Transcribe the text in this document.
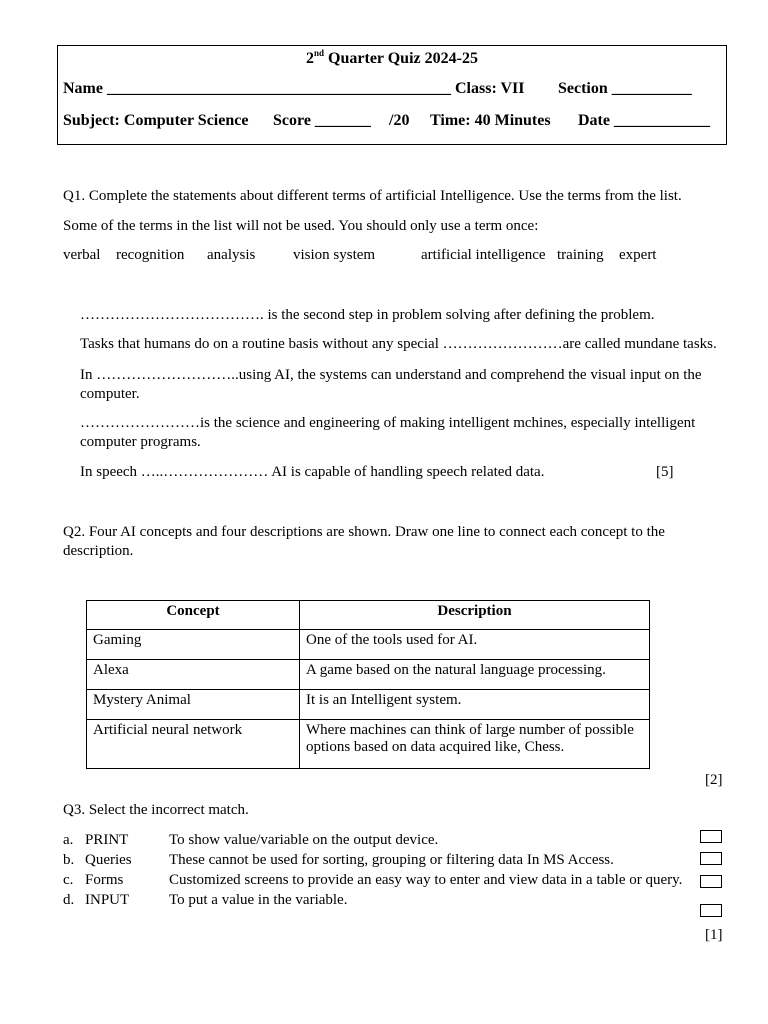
2nd Quarter Quiz 2024-25
Name ___________________________________________ Class: VII Section __________
Subject: Computer Science Score _______ /20 Time: 40 Minutes Date ____________
Q1. Complete the statements about different terms of artificial Intelligence. Use the terms from the list.
Some of the terms in the list will not be used. You should only use a term once:
verbal recognition analysis	vision system	artificial intelligence training expert
………………………………. is the second step in problem solving after defining the problem.
Tasks that humans do on a routine basis without any special ……………………are called mundane tasks.
In ………………………..using AI, the systems can understand and comprehend the visual input on the computer.
……………………is the science and engineering of making intelligent mchines, especially intelligent computer programs.
In speech …..………………… AI is capable of handling speech related data.	[5]
Q2. Four AI concepts and four descriptions are shown. Draw one line to connect each concept to the description.
Concept	Description
Gaming	One of the tools used for AI.
Alexa	A game based on the natural language processing.
Mystery Animal	It is an Intelligent system.
Artificial neural network	Where machines can think of large number of possible options based on data acquired like, Chess.
[2]
Q3. Select the incorrect match.
a. PRINT	To show value/variable on the output device.
b. Queries These cannot be used for sorting, grouping or filtering data In MS Access.
c. Forms	Customized screens to provide an easy way to enter and view data in a table or query.
d. INPUT	To put a value in the variable.
[1]
